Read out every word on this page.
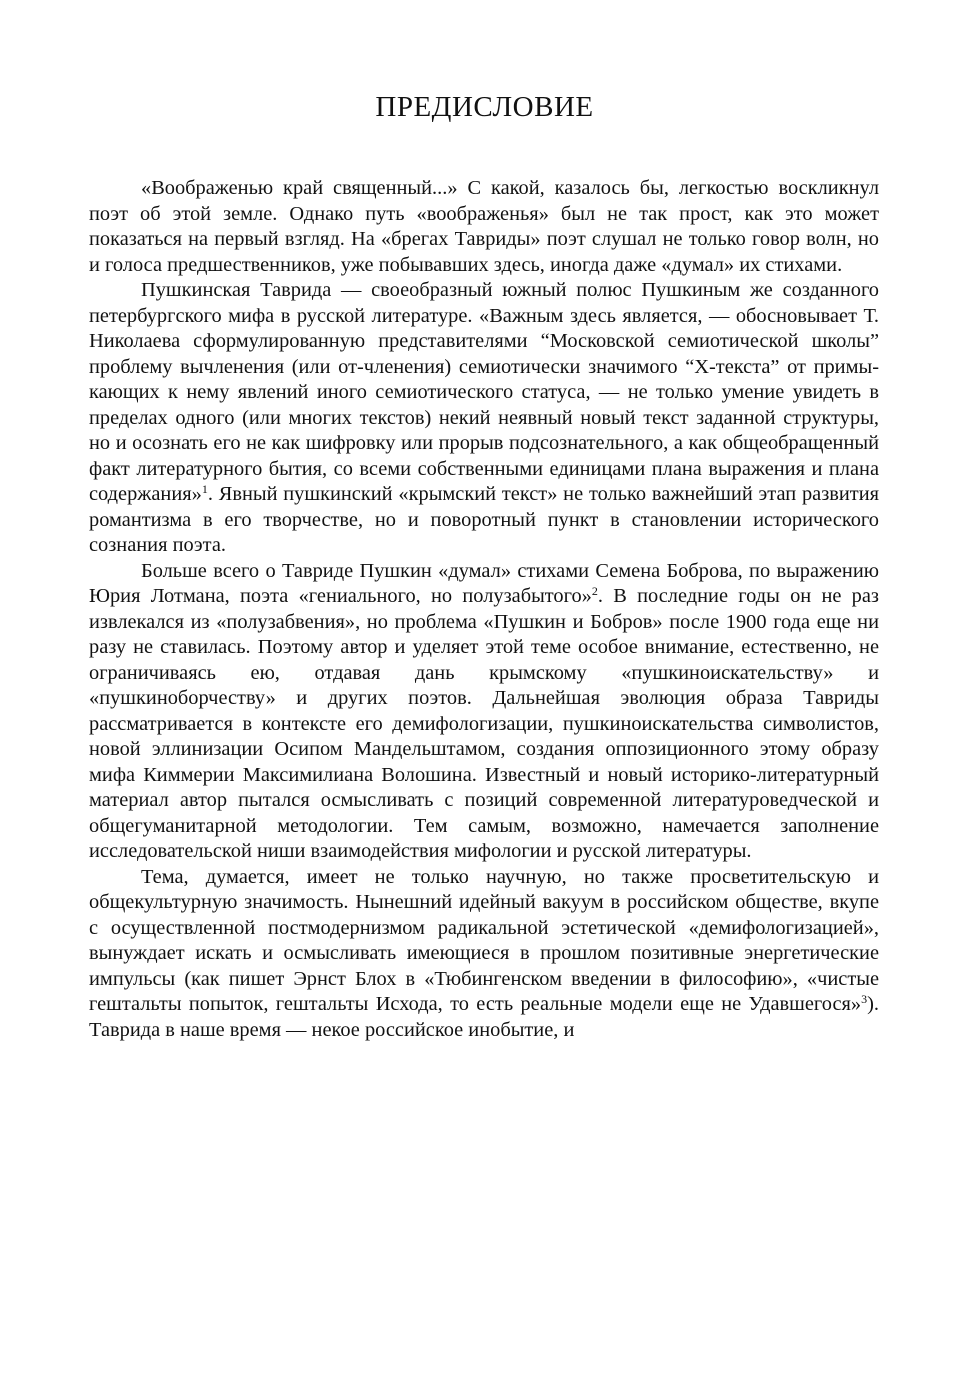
ПРЕДИСЛОВИЕ

«Воображенью край священный...» С какой, казалось бы, легкостью воскликнул поэт об этой земле. Однако путь «воображенья» был не так прост, как это может показаться на первый взгляд. На «брегах Тавриды» поэт слушал не только говор волн, но и голоса предшественников, уже побывавших здесь, иногда даже «думал» их стихами.

Пушкинская Таврида — своеобразный южный полюс Пушкиным же созданного петербургского мифа в русской литературе. «Важным здесь является, — обосновывает Т. Николаева сформулированную представителями “Московской семиотической школы” проблему вычленения (или от-членения) семиотически значимого “X-текста” от примыкающих к нему явлений иного семиотического статуса, — не только умение увидеть в пределах одного (или многих текстов) некий неявный новый текст заданной структуры, но и осознать его не как шифровку или прорыв подсознательного, а как общеобращенный факт литературного бытия, со всеми собственными единицами плана выражения и плана содержания»$^1$. Явный пушкинский «крымский текст» не только важнейший этап развития романтизма в его творчестве, но и поворотный пункт в становлении исторического сознания поэта.

Больше всего о Тавриде Пушкин «думал» стихами Семена Боброва, по выражению Юрия Лотмана, поэта «гениального, но полузабытого»$^2$. В последние годы он не раз извлекался из «полузабвения», но проблема «Пушкин и Бобров» после 1900 года еще ни разу не ставилась. Поэтому автор и уделяет этой теме особое внимание, естественно, не ограничиваясь ею, отдавая дань крымскому «пушкиноискательству» и «пушкиноборчеству» и других поэтов. Дальнейшая эволюция образа Тавриды рассматривается в контексте его демифологизации, пушкиноискательства символистов, новой эллинизации Осипом Мандельштамом, создания оппозиционного этому образу мифа Киммерии Максимилиана Волошина. Известный и новый историко-литературный материал автор пытался осмысливать с позиций современной литературоведческой и общегуманитарной методологии. Тем самым, возможно, намечается заполнение исследовательской ниши взаимодействия мифологии и русской литературы.

Тема, думается, имеет не только научную, но также просветительскую и общекультурную значимость. Нынешний идейный вакуум в российском обществе, вкупе с осуществленной постмодернизмом радикальной эстетической «демифологизацией», вынуждает искать и осмысливать имеющиеся в прошлом позитивные энергетические импульсы (как пишет Эрнст Блох в «Тюбингенском введении в философию», «чистые гештальты попыток, гештальты Исхода, то есть реальные модели еще не Удавшегося»$^3$). Таврида в наше время — некое российское инобытие, и
